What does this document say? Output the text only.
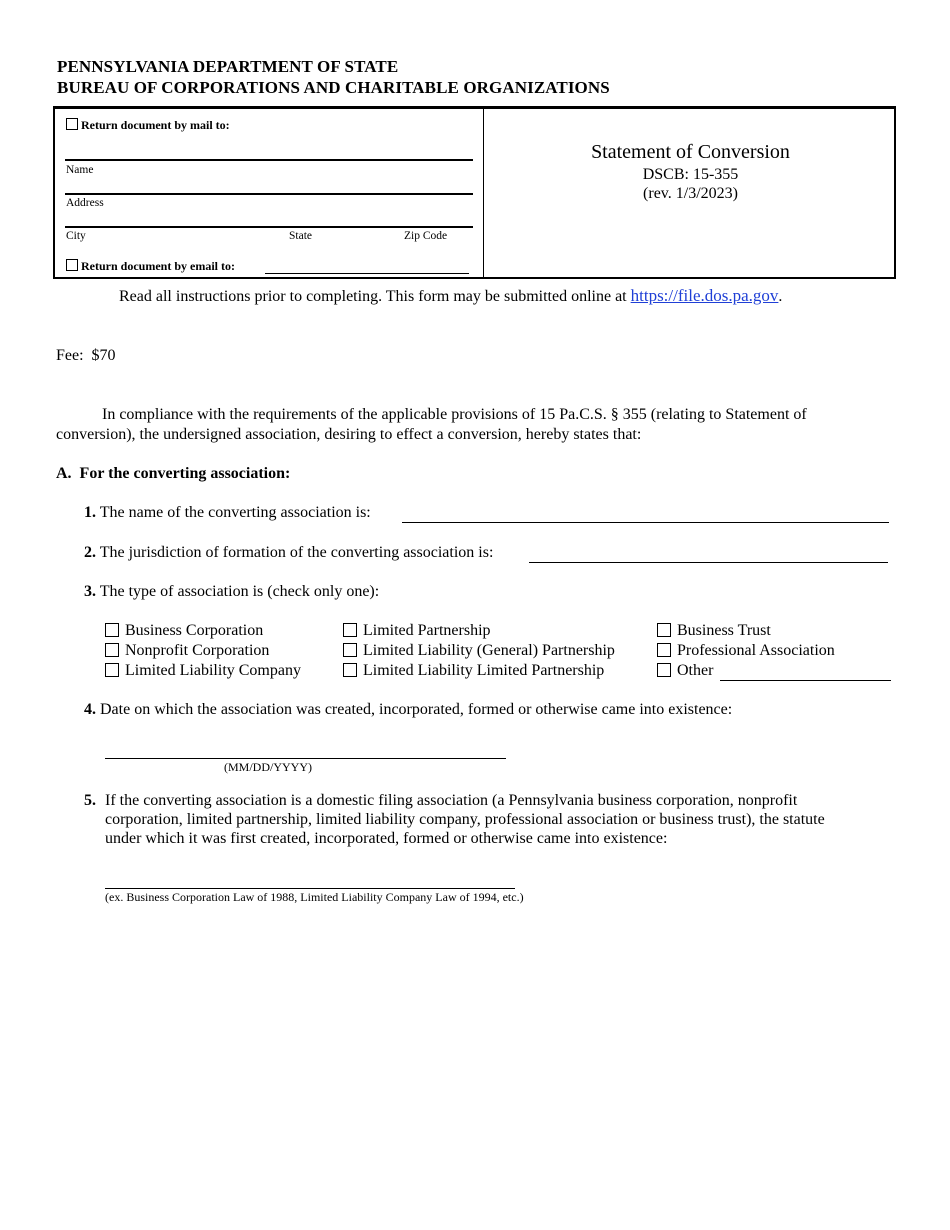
PENNSYLVANIA DEPARTMENT OF STATE
BUREAU OF CORPORATIONS AND CHARITABLE ORGANIZATIONS
Return document by mail to:
Name
Address
City	State	Zip Code
Return document by email to:
Statement of Conversion
DSCB: 15-355
(rev. 1/3/2023)
Read all instructions prior to completing. This form may be submitted online at https://file.dos.pa.gov.
Fee:  $70
In compliance with the requirements of the applicable provisions of 15 Pa.C.S. § 355 (relating to Statement of
conversion), the undersigned association, desiring to effect a conversion, hereby states that:
A.  For the converting association:
1. The name of the converting association is:
2. The jurisdiction of formation of the converting association is:
3. The type of association is (check only one):
Business Corporation
Nonprofit Corporation
Limited Liability Company
Limited Partnership
Limited Liability (General) Partnership
Limited Liability Limited Partnership
Business Trust
Professional Association
Other
4. Date on which the association was created, incorporated, formed or otherwise came into existence:
(MM/DD/YYYY)
5. If the converting association is a domestic filing association (a Pennsylvania business corporation, nonprofit
corporation, limited partnership, limited liability company, professional association or business trust), the statute
under which it was first created, incorporated, formed or otherwise came into existence:
(ex. Business Corporation Law of 1988, Limited Liability Company Law of 1994, etc.)
